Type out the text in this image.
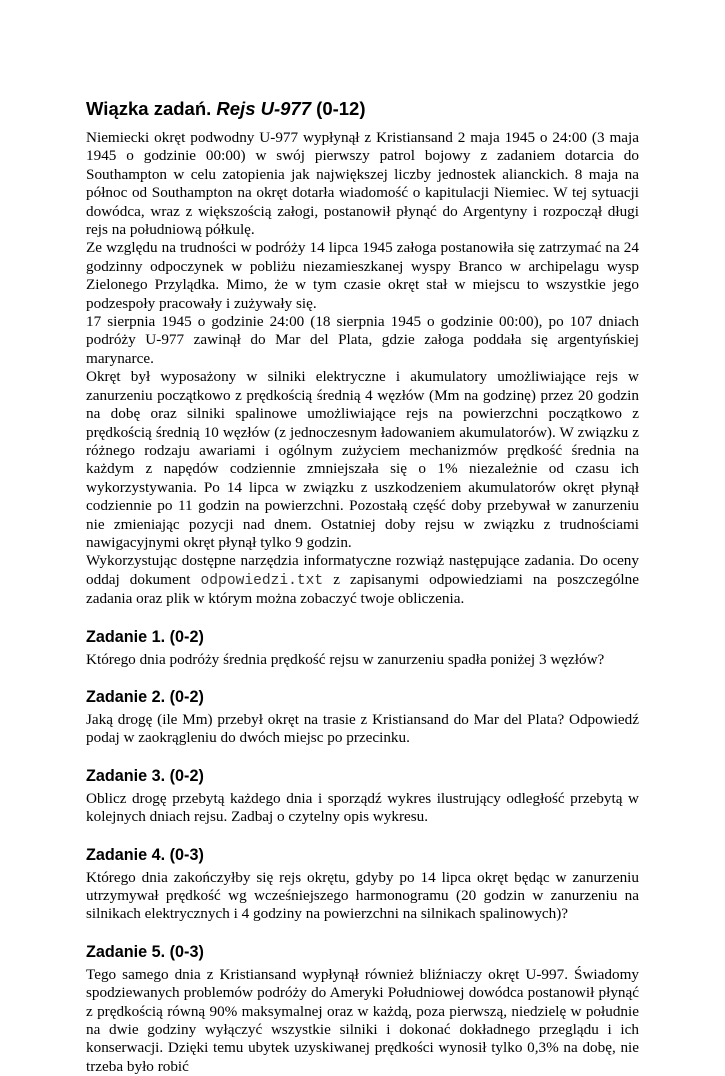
Wiązka zadań. Rejs U-977 (0-12)

Niemiecki okręt podwodny U-977 wypłynął z Kristiansand 2 maja 1945 o 24:00 (3 maja 1945 o godzinie 00:00) w swój pierwszy patrol bojowy z zadaniem dotarcia do Southampton w celu zatopienia jak największej liczby jednostek alianckich. 8 maja na północ od Southampton na okręt dotarła wiadomość o kapitulacji Niemiec. W tej sytuacji dowódca, wraz z większością załogi, postanowił płynąć do Argentyny i rozpoczął długi rejs na południową półkulę.

Ze względu na trudności w podróży 14 lipca 1945 załoga postanowiła się zatrzymać na 24 godzinny odpoczynek w pobliżu niezamieszkanej wyspy Branco w archipelagu wysp Zielonego Przylądka. Mimo, że w tym czasie okręt stał w miejscu to wszystkie jego podzespoły pracowały i zużywały się.

17 sierpnia 1945 o godzinie 24:00 (18 sierpnia 1945 o godzinie 00:00), po 107 dniach podróży U-977 zawinął do Mar del Plata, gdzie załoga poddała się argentyńskiej marynarce.

Okręt był wyposażony w silniki elektryczne i akumulatory umożliwiające rejs w zanurzeniu początkowo z prędkością średnią 4 węzłów (Mm na godzinę) przez 20 godzin na dobę oraz silniki spalinowe umożliwiające rejs na powierzchni początkowo z prędkością średnią 10 węzłów (z jednoczesnym ładowaniem akumulatorów). W związku z różnego rodzaju awariami i ogólnym zużyciem mechanizmów prędkość średnia na każdym z napędów codziennie zmniejszała się o 1% niezależnie od czasu ich wykorzystywania. Po 14 lipca w związku z uszkodzeniem akumulatorów okręt płynął codziennie po 11 godzin na powierzchni. Pozostałą część doby przebywał w zanurzeniu nie zmieniając pozycji nad dnem. Ostatniej doby rejsu w związku z trudnościami nawigacyjnymi okręt płynął tylko 9 godzin.

Wykorzystując dostępne narzędzia informatyczne rozwiąż następujące zadania. Do oceny oddaj dokument odpowiedzi.txt z zapisanymi odpowiedziami na poszczególne zadania oraz plik w którym można zobaczyć twoje obliczenia.

Zadanie 1. (0-2)

Którego dnia podróży średnia prędkość rejsu w zanurzeniu spadła poniżej 3 węzłów?

Zadanie 2. (0-2)

Jaką drogę (ile Mm) przebył okręt na trasie z Kristiansand do Mar del Plata? Odpowiedź podaj w zaokrągleniu do dwóch miejsc po przecinku.

Zadanie 3. (0-2)

Oblicz drogę przebytą każdego dnia i sporządź wykres ilustrujący odległość przebytą w kolejnych dniach rejsu. Zadbaj o czytelny opis wykresu.

Zadanie 4. (0-3)

Którego dnia zakończyłby się rejs okrętu, gdyby po 14 lipca okręt będąc w zanurzeniu utrzymywał prędkość wg wcześniejszego harmonogramu (20 godzin w zanurzeniu na silnikach elektrycznych i 4 godziny na powierzchni na silnikach spalinowych)?

Zadanie 5. (0-3)

Tego samego dnia z Kristiansand wypłynął również bliźniaczy okręt U-997. Świadomy spodziewanych problemów podróży do Ameryki Południowej dowódca postanowił płynąć z prędkością równą 90% maksymalnej oraz w każdą, poza pierwszą, niedzielę w południe na dwie godziny wyłączyć wszystkie silniki i dokonać dokładnego przeglądu i ich konserwacji. Dzięki temu ubytek uzyskiwanej prędkości wynosił tylko 0,3% na dobę, nie trzeba było robić
